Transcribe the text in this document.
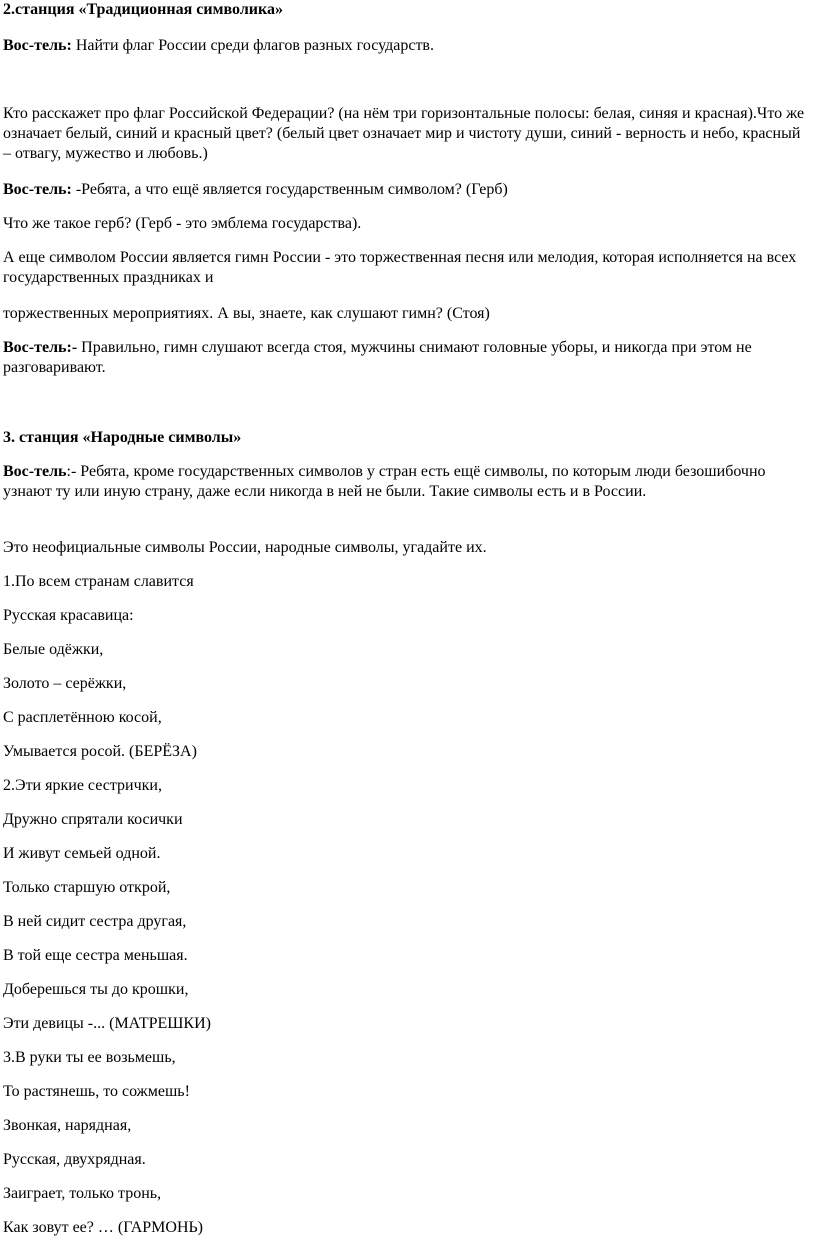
2.станция «Традиционная символика»

Вос-тель: Найти флаг России среди флагов разных государств.

Кто расскажет про флаг Российской Федерации? (на нём три горизонтальные полосы: белая, синяя и красная).Что же означает белый, синий и красный цвет? (белый цвет означает мир и чистоту души, синий - верность и небо, красный – отвагу, мужество и любовь.)

Вос-тель: -Ребята, а что ещё является государственным символом? (Герб)

Что же такое герб? (Герб - это эмблема государства).

А еще символом России является гимн России - это торжественная песня или мелодия, которая исполняется на всех государственных праздниках и

торжественных мероприятиях. А вы, знаете, как слушают гимн? (Стоя)

Вос-тель:- Правильно, гимн слушают всегда стоя, мужчины снимают головные уборы, и никогда при этом не разговаривают.

3. станция «Народные символы»

Вос-тель:- Ребята, кроме государственных символов у стран есть ещё символы, по которым люди безошибочно узнают ту или иную страну, даже если никогда в ней не были. Такие символы есть и в России.

Это неофициальные символы России, народные символы, угадайте их.

1.По всем странам славится

Русская красавица:

Белые одёжки,

Золото – серёжки,

С расплетённою косой,

Умывается росой. (БЕРЁЗА)

2.Эти яркие сестрички,

Дружно спрятали косички

И живут семьей одной.

Только старшую открой,

В ней сидит сестра другая,

В той еще сестра меньшая.

Доберешься ты до крошки,

Эти девицы -... (МАТРЕШКИ)

3.В руки ты ее возьмешь,

То растянешь, то сожмешь!

Звонкая, нарядная,

Русская, двухрядная.

Заиграет, только тронь,

Как зовут ее? … (ГАРМОНЬ)
